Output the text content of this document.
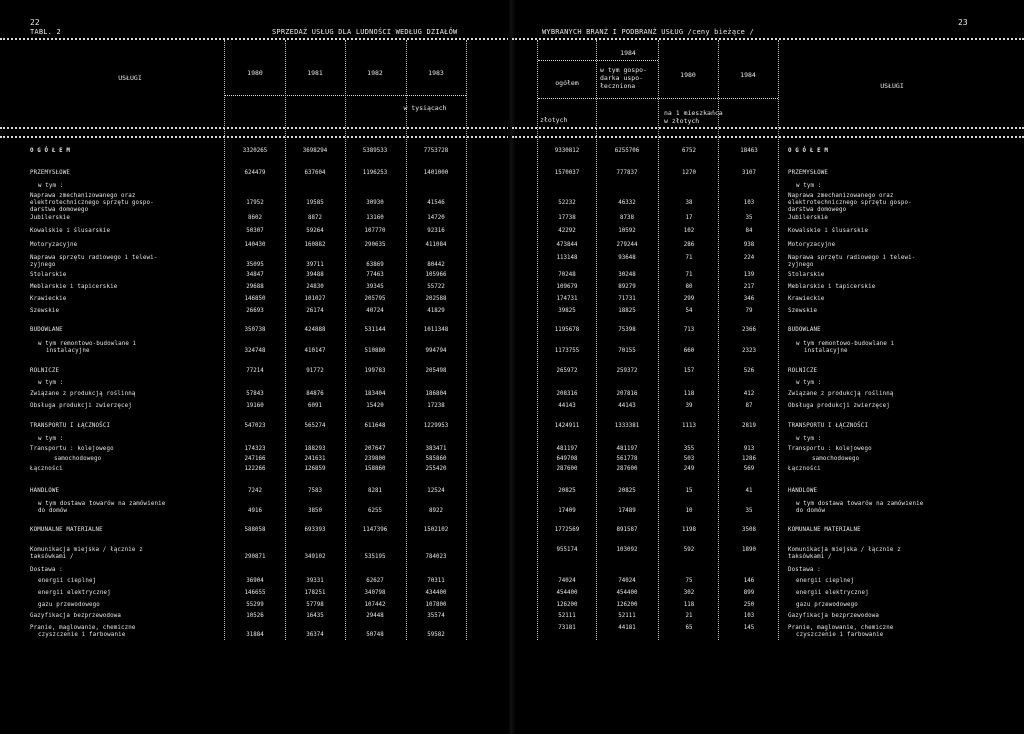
22
TABL. 2	SPRZEDAŻ USŁUG DLA LUDNOŚCI WEDŁUG DZIAŁÓW
USŁUGI
1980	1981	1982	1983
w tysiącach
23
WYBRANYCH BRANŻ I PODBRANŻ USŁUG /ceny bieżące /
1984
ogółem
w tym gospo-
darka uspo-
łeczniona
1980	1984
USŁUGI
złotych
na 1 mieszkańca
w złotych
O G Ó Ł E M	3320265	3698294	5389533	7753728
PRZEMYSŁOWE	624479	637604	1196253	1401000
w tym :
Naprawa zmechanizowanego oraz
elektrotechnicznego sprzętu gospo-	17952	19585	30930	41546
darstwa domowego
Jubilerskie	8602	8872	13160	14720
Kowalskie i ślusarskie	50307	59264	107770	92316
Motoryzacyjne	140430	160882	290635	411084
Naprawa sprzętu radiowego i telewi-
zyjnego	35095	39711	63869	80442
Stolarskie	34847	39488	77463	105966
Meblarskie i tapicerskie	29688	24830	39345	55722
Krawieckie	146850	101027	205795	202588
Szewskie	26693	26174	40724	41829
BUDOWLANE	350738	424888	531144	1011348
w tym remontowo-budowlane i
instalacyjne	324748	410147	510880	994794
ROLNICZE	77214	91772	199783	205498
w tym :
Związane z produkcją roślinną	57843	84876	183404	186804
Obsługa produkcji zwierzęcej	19160	6091	15420	17238
TRANSPORTU I ŁĄCZNOŚCI	547023	565274	611648	1229953
w tym :
Transportu : kolejowego	174323	188293	207647	383471
samochodowego	247166	241631	239800	585860
Łączności	122266	126859	158860	255420
HANDLOWE	7242	7583	8281	12524
w tym dostawa towarów na zamówienie
do domów	4916	3850	6255	8922
KOMUNALNE MATERIALNE	588058	693393	1147396	1502102
Komunikacja miejska / łącznie z
taksówkami /	290871	349102	535195	784023
Dostawa :
energii cieplnej	36904	39331	62627	70311
energii elektrycznej	146655	178251	340798	434400
gazu przewodowego	55299	57798	107442	107800
Gazyfikacja bezprzewodowa	10526	16435	29448	35574
Pranie, maglowanie, chemiczne
czyszczenie i farbowanie	31884	36374	50748	59582
9330812	6255706	6752	18463	O G Ó Ł E M
1570037	777837	1270	3107	PRZEMYSŁOWE
w tym :
Naprawa zmechanizowanego oraz
52232	46332	38	103	elektrotechnicznego sprzętu gospo-
darstwa domowego
17738	8738	17	35	Jubilerskie
42292	10592	102	84	Kowalskie i ślusarskie
473844	279244	286	938	Motoryzacyjne
113148	93648	71	224	Naprawa sprzętu radiowego i telewi-
zyjnego
70248	30248	71	139	Stolarskie
109679	89279	80	217	Meblarskie i tapicerskie
174731	71731	299	346	Krawieckie
39825	18825	54	79	Szewskie
1195678	75398	713	2366	BUDOWLANE
w tym remontowo-budowlane i
1173755	70155	660	2323	instalacyjne
265972	259372	157	526	ROLNICZE
w tym :
208316	207816	118	412	Związane z produkcją roślinną
44143	44143	39	87	Obsługa produkcji zwierzęcej
1424911	1333381	1113	2819	TRANSPORTU I ŁĄCZNOŚCI
w tym :
481197	481197	355	913	Transportu : kolejowego
649708	561778	503	1286	samochodowego
287600	287600	249	569	Łączności
20825	20825	15	41	HANDLOWE
w tym dostawa towarów na zamówienie
17409	17489	10	35	do domów
1772569	891587	1198	3508	KOMUNALNE MATERIALNE
955174	103092	592	1890	Komunikacja miejska / łącznie z
taksówkami /
Dostawa :
74024	74024	75	146	energii cieplnej
454400	454400	302	899	energii elektrycznej
126200	126200	118	250	gazu przewodowego
52111	52111	21	103	Gazyfikacja bezprzewodowa
73181	44181	65	145	Pranie, maglowanie, chemiczne
czyszczenie i farbowanie
